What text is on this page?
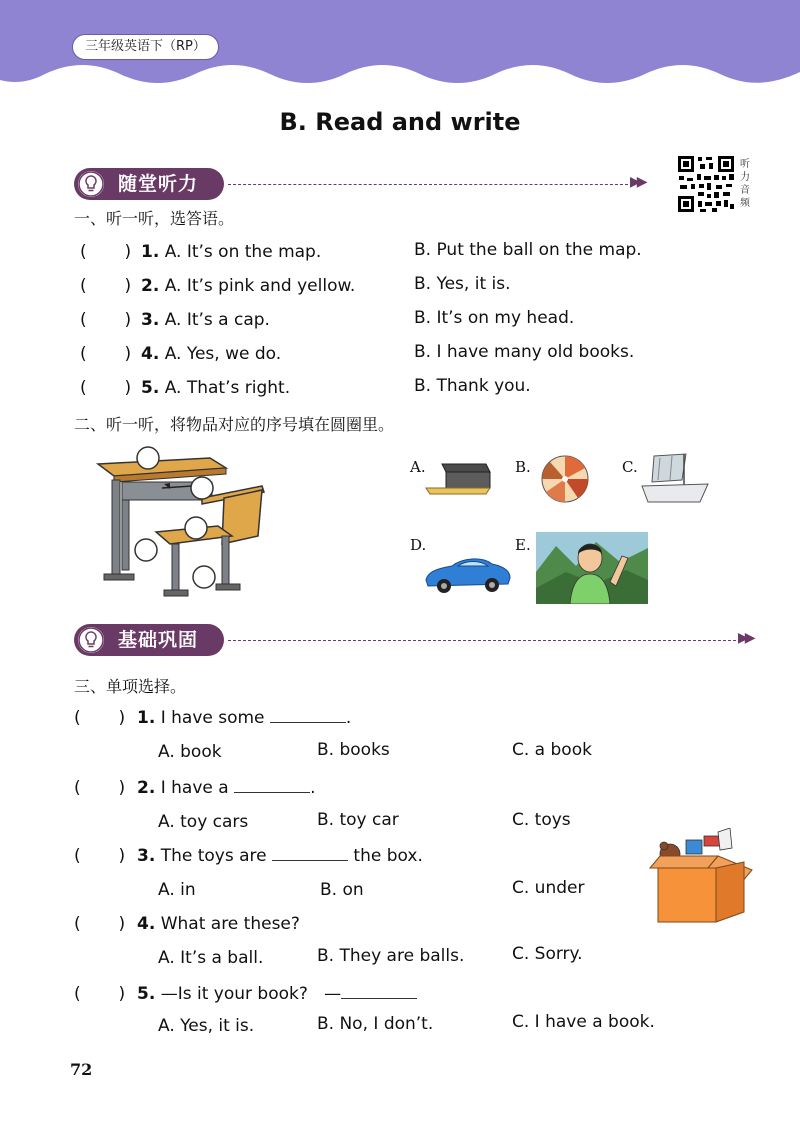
三年级英语下（RP）
B. Read and write
随堂听力	▶▶
听力音频
一、听一听，选答语。
(       ) 1. A. It’s on the map.	B. Put the ball on the map.
(       ) 2. A. It’s pink and yellow.	B. Yes, it is.
(       ) 3. A. It’s a cap.	B. It’s on my head.
(       ) 4. A. Yes, we do.	B. I have many old books.
(       ) 5. A. That’s right.	B. Thank you.
二、听一听，将物品对应的序号填在圆圈里。
A.	B.	C.
D.	E.
基础巩固	▶▶
三、单项选择。
(       ) 1. I have some	.
A. book	B. books	C. a book
(       ) 2. I have a	.
A. toy cars	B. toy car	C. toys
(       ) 3. The toys are	the box.
A. in	B. on	C. under
(       ) 4. What are these?
A. It’s a ball.	B. They are balls.	C. Sorry.
(       ) 5. —Is it your book? —
A. Yes, it is.	B. No, I don’t.	C. I have a book.
72
